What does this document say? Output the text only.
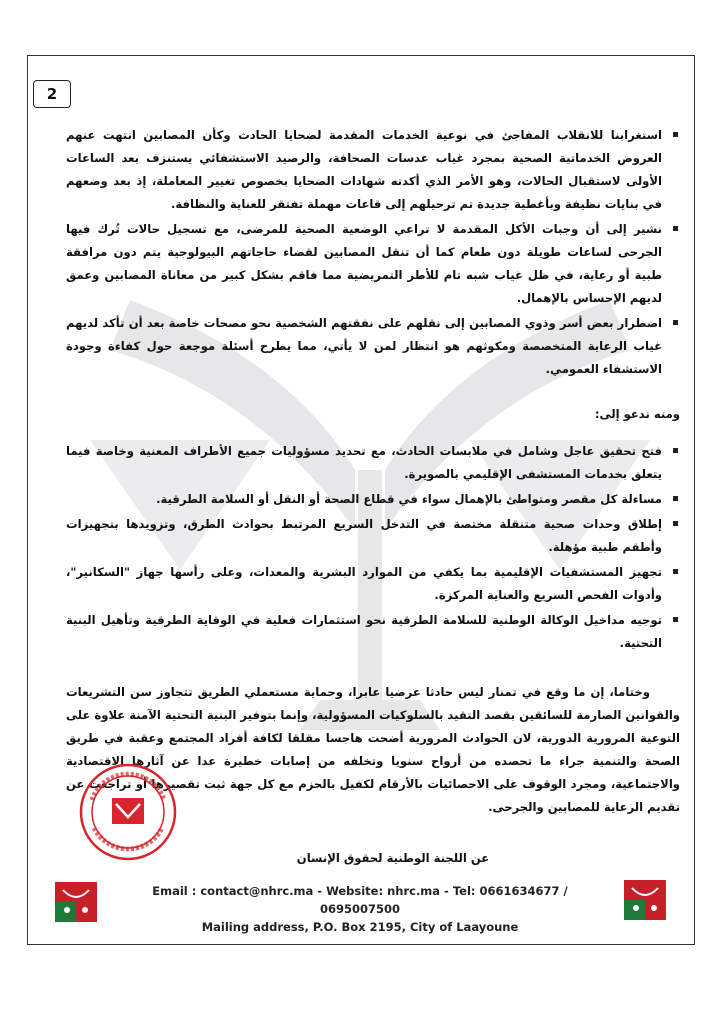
2
استغرابنا للانقلاب المفاجئ في نوعية الخدمات المقدمة لضحايا الحادث وكأن المصابين انتهت عنهم العروض الخدماتية الصحية بمجرد غياب عدسات الصحافة، والرصيد الاستشفائي يستنزف بعد الساعات الأولى لاستقبال الحالات، وهو الأمر الذي أكدته شهادات الضحايا بخصوص تغيير المعاملة، إذ بعد وضعهم في بنايات نظيفة وبأغطية جديدة تم ترحيلهم إلى قاعات مهملة تفتقر للعناية والنظافة.
نشير إلى أن وجبات الأكل المقدمة لا تراعي الوضعية الصحية للمرضى، مع تسجيل حالات تُرك فيها الجرحى لساعات طويلة دون طعام كما أن تنقل المصابين لقضاء حاجاتهم البيولوجية يتم دون مرافقة طبية أو رعاية، في ظل غياب شبه تام للأطر التمريضية مما فاقم بشكل كبير من معاناة المصابين وعمق لديهم الإحساس بالإهمال.
اضطرار بعض أسر وذوي المصابين إلى نقلهم على نفقتهم الشخصية نحو مصحات خاصة بعد أن تأكد لديهم غياب الرعاية المتخصصة ومكوثهم هو انتظار لمن لا يأتي، مما يطرح أسئلة موجعة حول كفاءة وجودة الاستشفاء العمومي.
ومنه ندعو إلى:
فتح تحقيق عاجل وشامل في ملابسات الحادث، مع تحديد مسؤوليات جميع الأطراف المعنية وخاصة فيما يتعلق بخدمات المستشفى الإقليمي بالصويرة.
مساءلة كل مقصر ومتواطئ بالإهمال سواء في قطاع الصحة أو النقل أو السلامة الطرقية.
إطلاق وحدات صحية متنقلة مختصة في التدخل السريع المرتبط بحوادث الطرق، وتزويدها بتجهيزات وأطقم طبية مؤهلة.
تجهيز المستشفيات الإقليمية بما يكفي من الموارد البشرية والمعدات، وعلى رأسها جهاز "السكانير"، وأدوات الفحص السريع والعناية المركزة.
توجيه مداخيل الوكالة الوطنية للسلامة الطرقية نحو استثمارات فعلية في الوقاية الطرقية وتأهيل البنية التحتية.
وختاما، إن ما وقع في تمنار ليس حادثا عرضيا عابرا، وحماية مستعملي الطريق تتجاوز سن التشريعات والقوانين الصارمة للسائقين بقصد التقيد بالسلوكيات المسؤولية، وإنما بتوفير البنية التحتية الآمنة علاوة على التوعية المرورية الدورية، لان الحوادث المرورية أضحت هاجسا مقلقا لكافة أفراد المجتمع وعقبة في طريق الصحة والتنمية جراء ما تحصده من أرواح سنويا وتخلفه من إصابات خطيرة عدا عن آثارها الاقتصادية والاجتماعية، ومجرد الوقوف على الاحصائيات بالأرقام لكفيل بالحزم مع كل جهة ثبت تقصيرها أو تراجعت عن تقديم الرعاية للمصابين والجرحى.
عن اللجنة الوطنية لحقوق الإنسان
Email : contact@nhrc.ma - Website: nhrc.ma - Tel: 0661634677 / 0695007500
Mailing address, P.O. Box 2195, City of Laayoune
